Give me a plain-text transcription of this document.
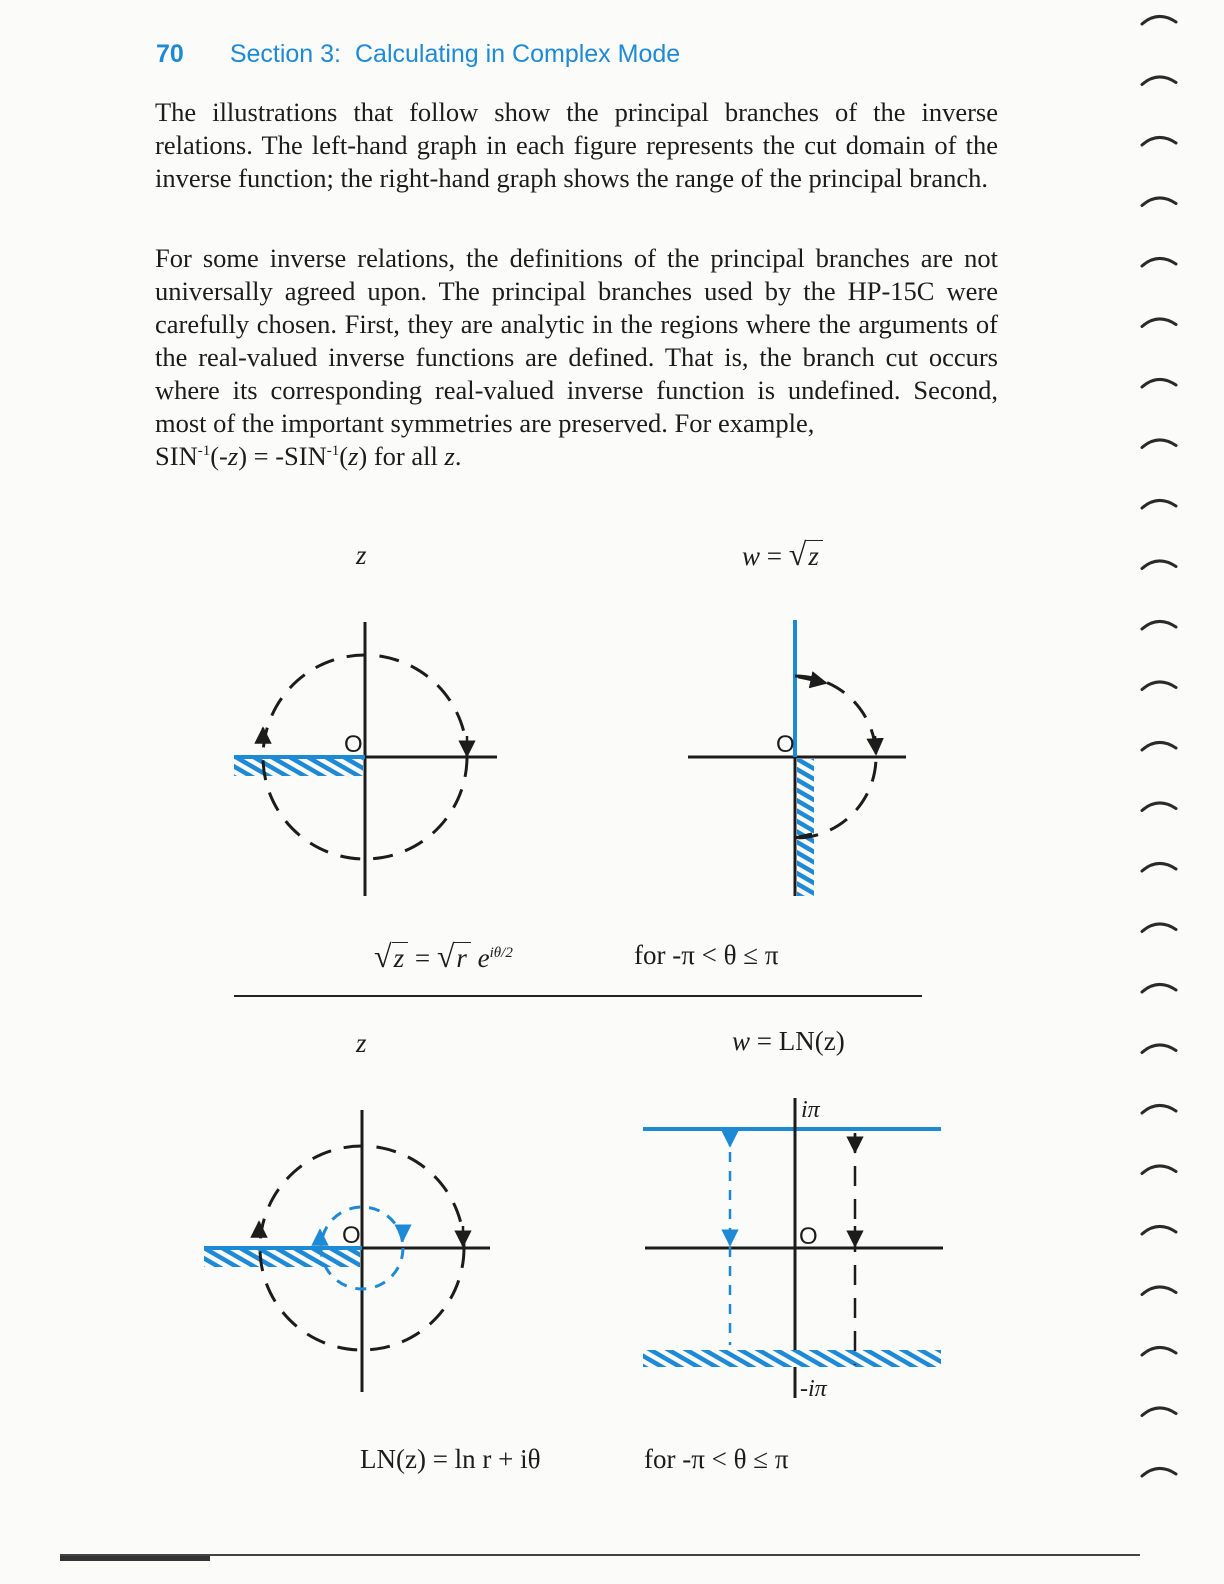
70 Section 3: Calculating in Complex Mode

The illustrations that follow show the principal branches of the inverse relations. The left-hand graph in each figure represents the cut domain of the inverse function; the right-hand graph shows the range of the principal branch.

For some inverse relations, the definitions of the principal branches are not universally agreed upon. The principal branches used by the HP-15C were carefully chosen. First, they are analytic in the regions where the arguments of the real-valued inverse functions are defined. That is, the branch cut occurs where its corresponding real-valued inverse function is undefined. Second, most of the important symmetries are preserved. For example,
$SIN^{-1}(-z) = -SIN^{-1}(z)$ for all z.

z	w = √z
√z = √r $e^{i\theta/2}$	for -π < θ ≤ π
z	w = LN(z)
LN(z) = ln r + iθ	for -π < θ ≤ π
O	O
O
iπ
O
-iπ
